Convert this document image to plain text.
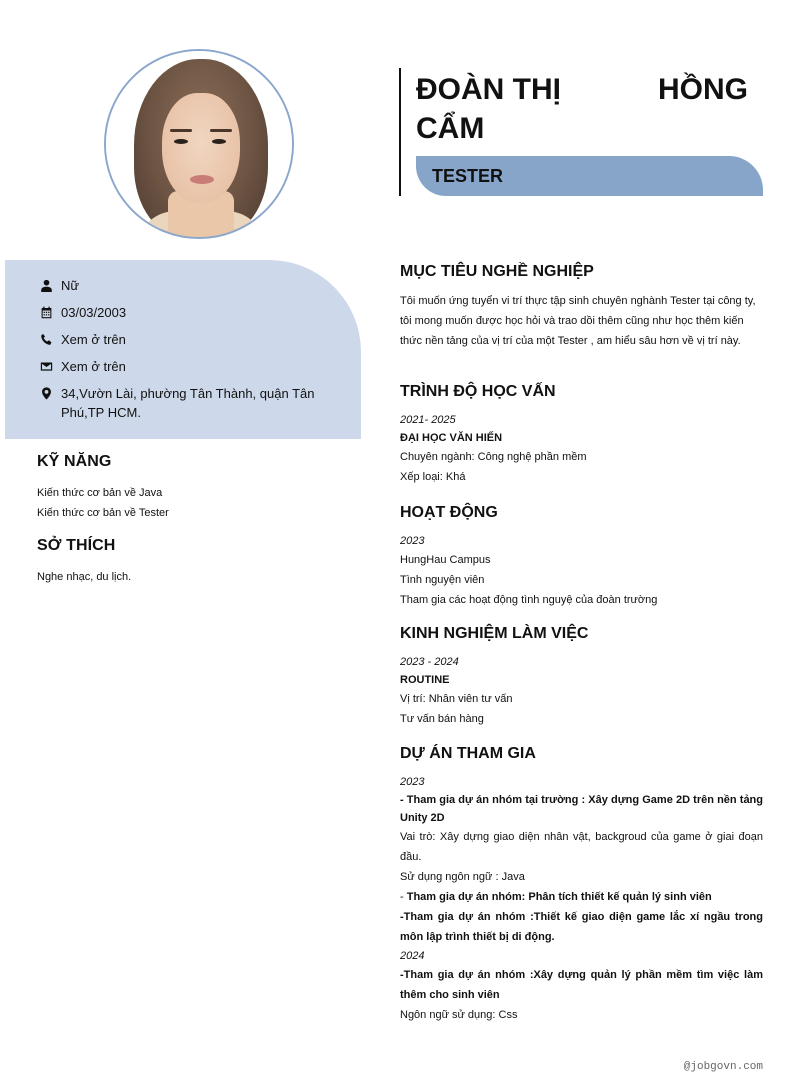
Nữ
03/03/2003
Xem ở trên
Xem ở trên
34,Vườn Lài, phường Tân Thành, quận Tân Phú,TP HCM.
KỸ NĂNG
Kiến thức cơ bản về Java
Kiến thức cơ bản về Tester
SỞ THÍCH
Nghe nhạc, du lịch.
ĐOÀN THỊ	HỒNG
CẨM
TESTER
MỤC TIÊU NGHỀ NGHIỆP
Tôi muốn ứng tuyển vi trí thực tập sinh chuyên nghành Tester tại công ty, tôi mong muốn được học hỏi và trao dồi thêm cũng như học thêm kiến thức nền tảng của vị trí của một Tester , am hiểu sâu hơn về vị trí này.
TRÌNH ĐỘ HỌC VẤN
2021- 2025
ĐẠI HỌC VĂN HIẾN
Chuyên ngành: Công nghệ phần mềm
Xếp loại: Khá
HOẠT ĐỘNG
2023
HungHau Campus
Tình nguyện viên
Tham gia các hoạt động tình nguyệ của đoàn trường
KINH NGHIỆM LÀM VIỆC
2023 - 2024
ROUTINE
Vị trí: Nhân viên tư vấn
Tư vấn bán hàng
DỰ ÁN THAM GIA
2023
- Tham gia dự án nhóm tại trường : Xây dựng Game 2D trên nền tảng Unity 2D
Vai trò: Xây dựng giao diện nhân vật, backgroud của game ở giai đoạn đầu.
Sử dụng ngôn ngữ : Java
- Tham gia dự án nhóm: Phân tích thiết kế quản lý sinh viên
-Tham gia dự án nhóm :Thiết kế giao diện game lắc xí ngầu trong môn lập trình thiết bị di động.
2024
-Tham gia dự án nhóm :Xây dựng quản lý phần mềm tìm việc làm thêm cho sinh viên
Ngôn ngữ sử dụng: Css
@jobgovn.com
